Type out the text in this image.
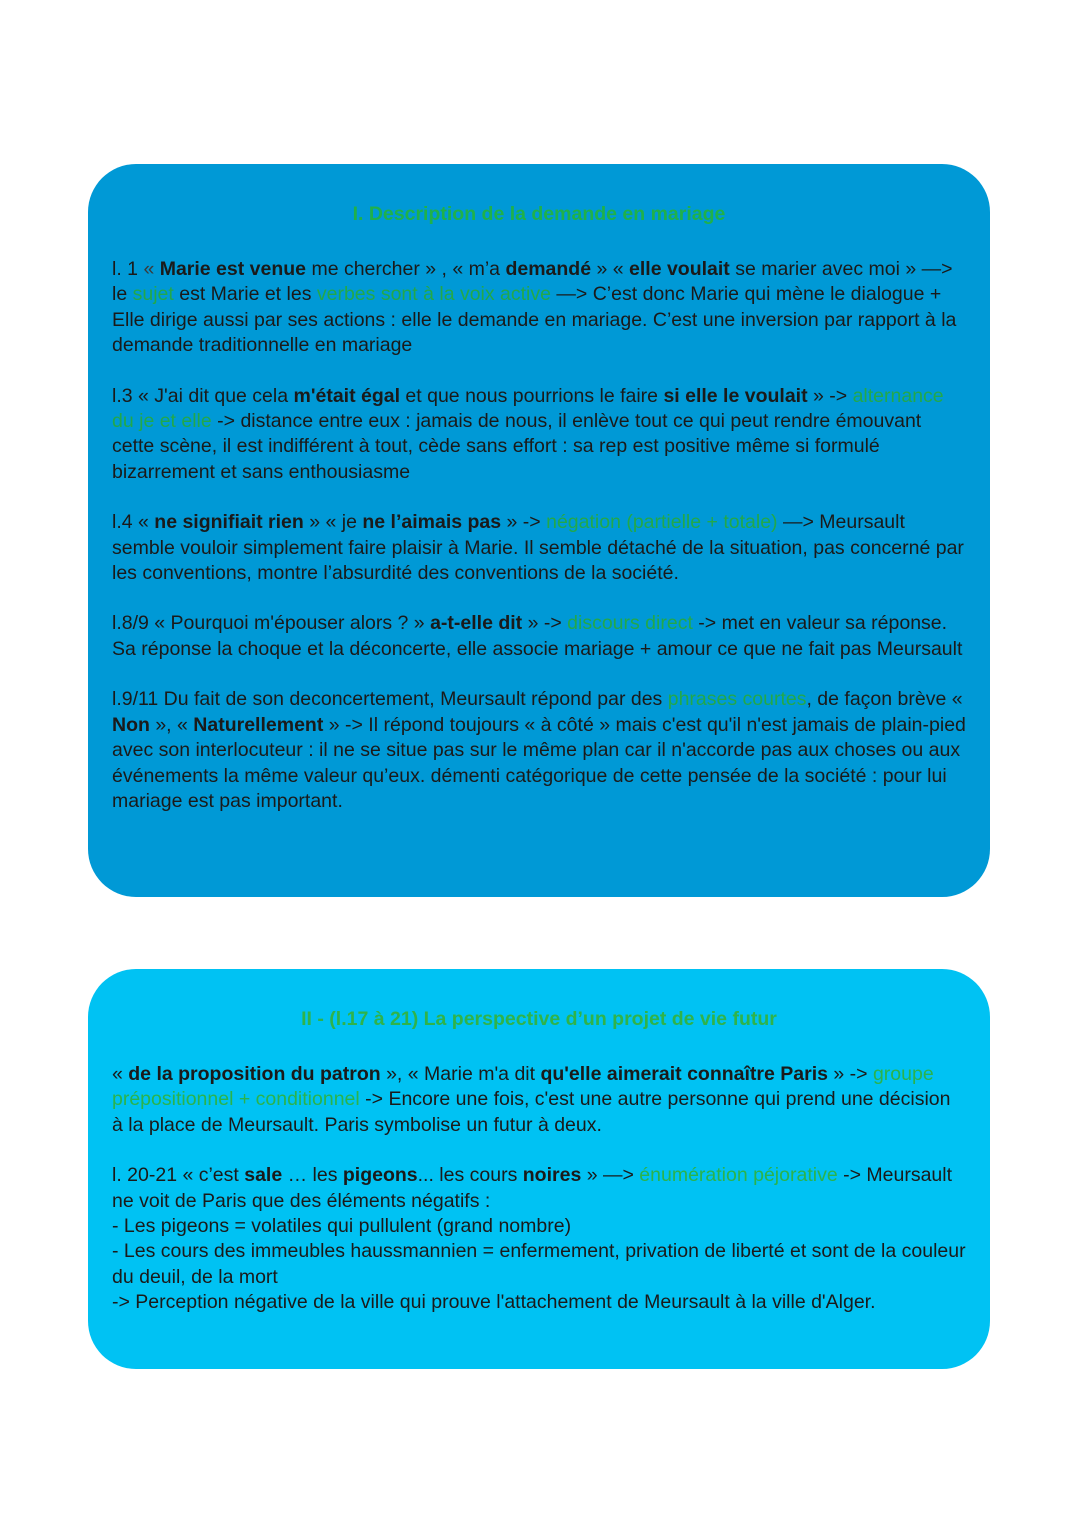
I. Description de la demande en mariage
l. 1 « Marie est venue me chercher » , « m’a demandé » « elle voulait se marier avec moi » —> le sujet est Marie et les verbes sont à la voix active —> C’est donc Marie qui mène le dialogue + Elle dirige aussi par ses actions : elle le demande en mariage. C’est une inversion par rapport à la demande traditionnelle en mariage
l.3 « J'ai dit que cela m'était égal et que nous pourrions le faire si elle le voulait » -> alternance du je et elle -> distance entre eux : jamais de nous, il enlève tout ce qui peut rendre émouvant cette scène, il est indifférent à tout, cède sans effort : sa rep est positive même si formulé bizarrement et sans enthousiasme
l.4 « ne signifiait rien » « je ne l’aimais pas » -> négation (partielle + totale) —> Meursault semble vouloir simplement faire plaisir à Marie. Il semble détaché de la situation, pas concerné par les conventions, montre l’absurdité des conventions de la société.
l.8/9 « Pourquoi m'épouser alors ? » a-t-elle dit » -> discours direct -> met en valeur sa réponse. Sa réponse la choque et la déconcerte, elle associe mariage + amour ce que ne fait pas Meursault
l.9/11 Du fait de son deconcertement, Meursault répond par des phrases courtes, de façon brève « Non », « Naturellement » -> Il répond toujours « à côté » mais c'est qu'il n'est jamais de plain-pied avec son interlocuteur : il ne se situe pas sur le même plan car il n'accorde pas aux choses ou aux événements la même valeur qu’eux. démenti catégorique de cette pensée de la société : pour lui mariage est pas important.
II - (l.17 à 21) La perspective d’un projet de vie futur
« de la proposition du patron », « Marie m'a dit qu'elle aimerait connaître Paris » -> groupe prépositionnel + conditionnel -> Encore une fois, c'est une autre personne qui prend une décision à la place de Meursault. Paris symbolise un futur à deux.
l. 20-21 « c’est sale … les pigeons... les cours noires » —> énumération péjorative -> Meursault ne voit de Paris que des éléments négatifs :
- Les pigeons = volatiles qui pullulent (grand nombre)
- Les cours des immeubles haussmannien = enfermement, privation de liberté et sont de la couleur du deuil, de la mort
-> Perception négative de la ville qui prouve l'attachement de Meursault à la ville d'Alger.
